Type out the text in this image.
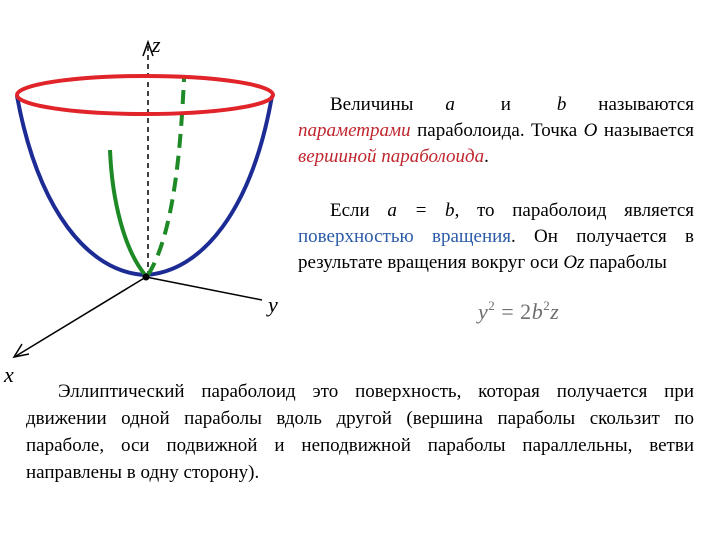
z
y
x
Величины a и b называются параметрами параболоида. Точка O называется вершиной параболоида.
Если a = b, то параболоид является поверхностью вращения. Он получается в результате вращения вокруг оси Oz параболы
$y^2 = 2b^2z$
Эллиптический параболоид это поверхность, которая получается при движении одной параболы вдоль другой (вершина параболы скользит по параболе, оси подвижной и неподвижной параболы параллельны, ветви направлены в одну сторону).
